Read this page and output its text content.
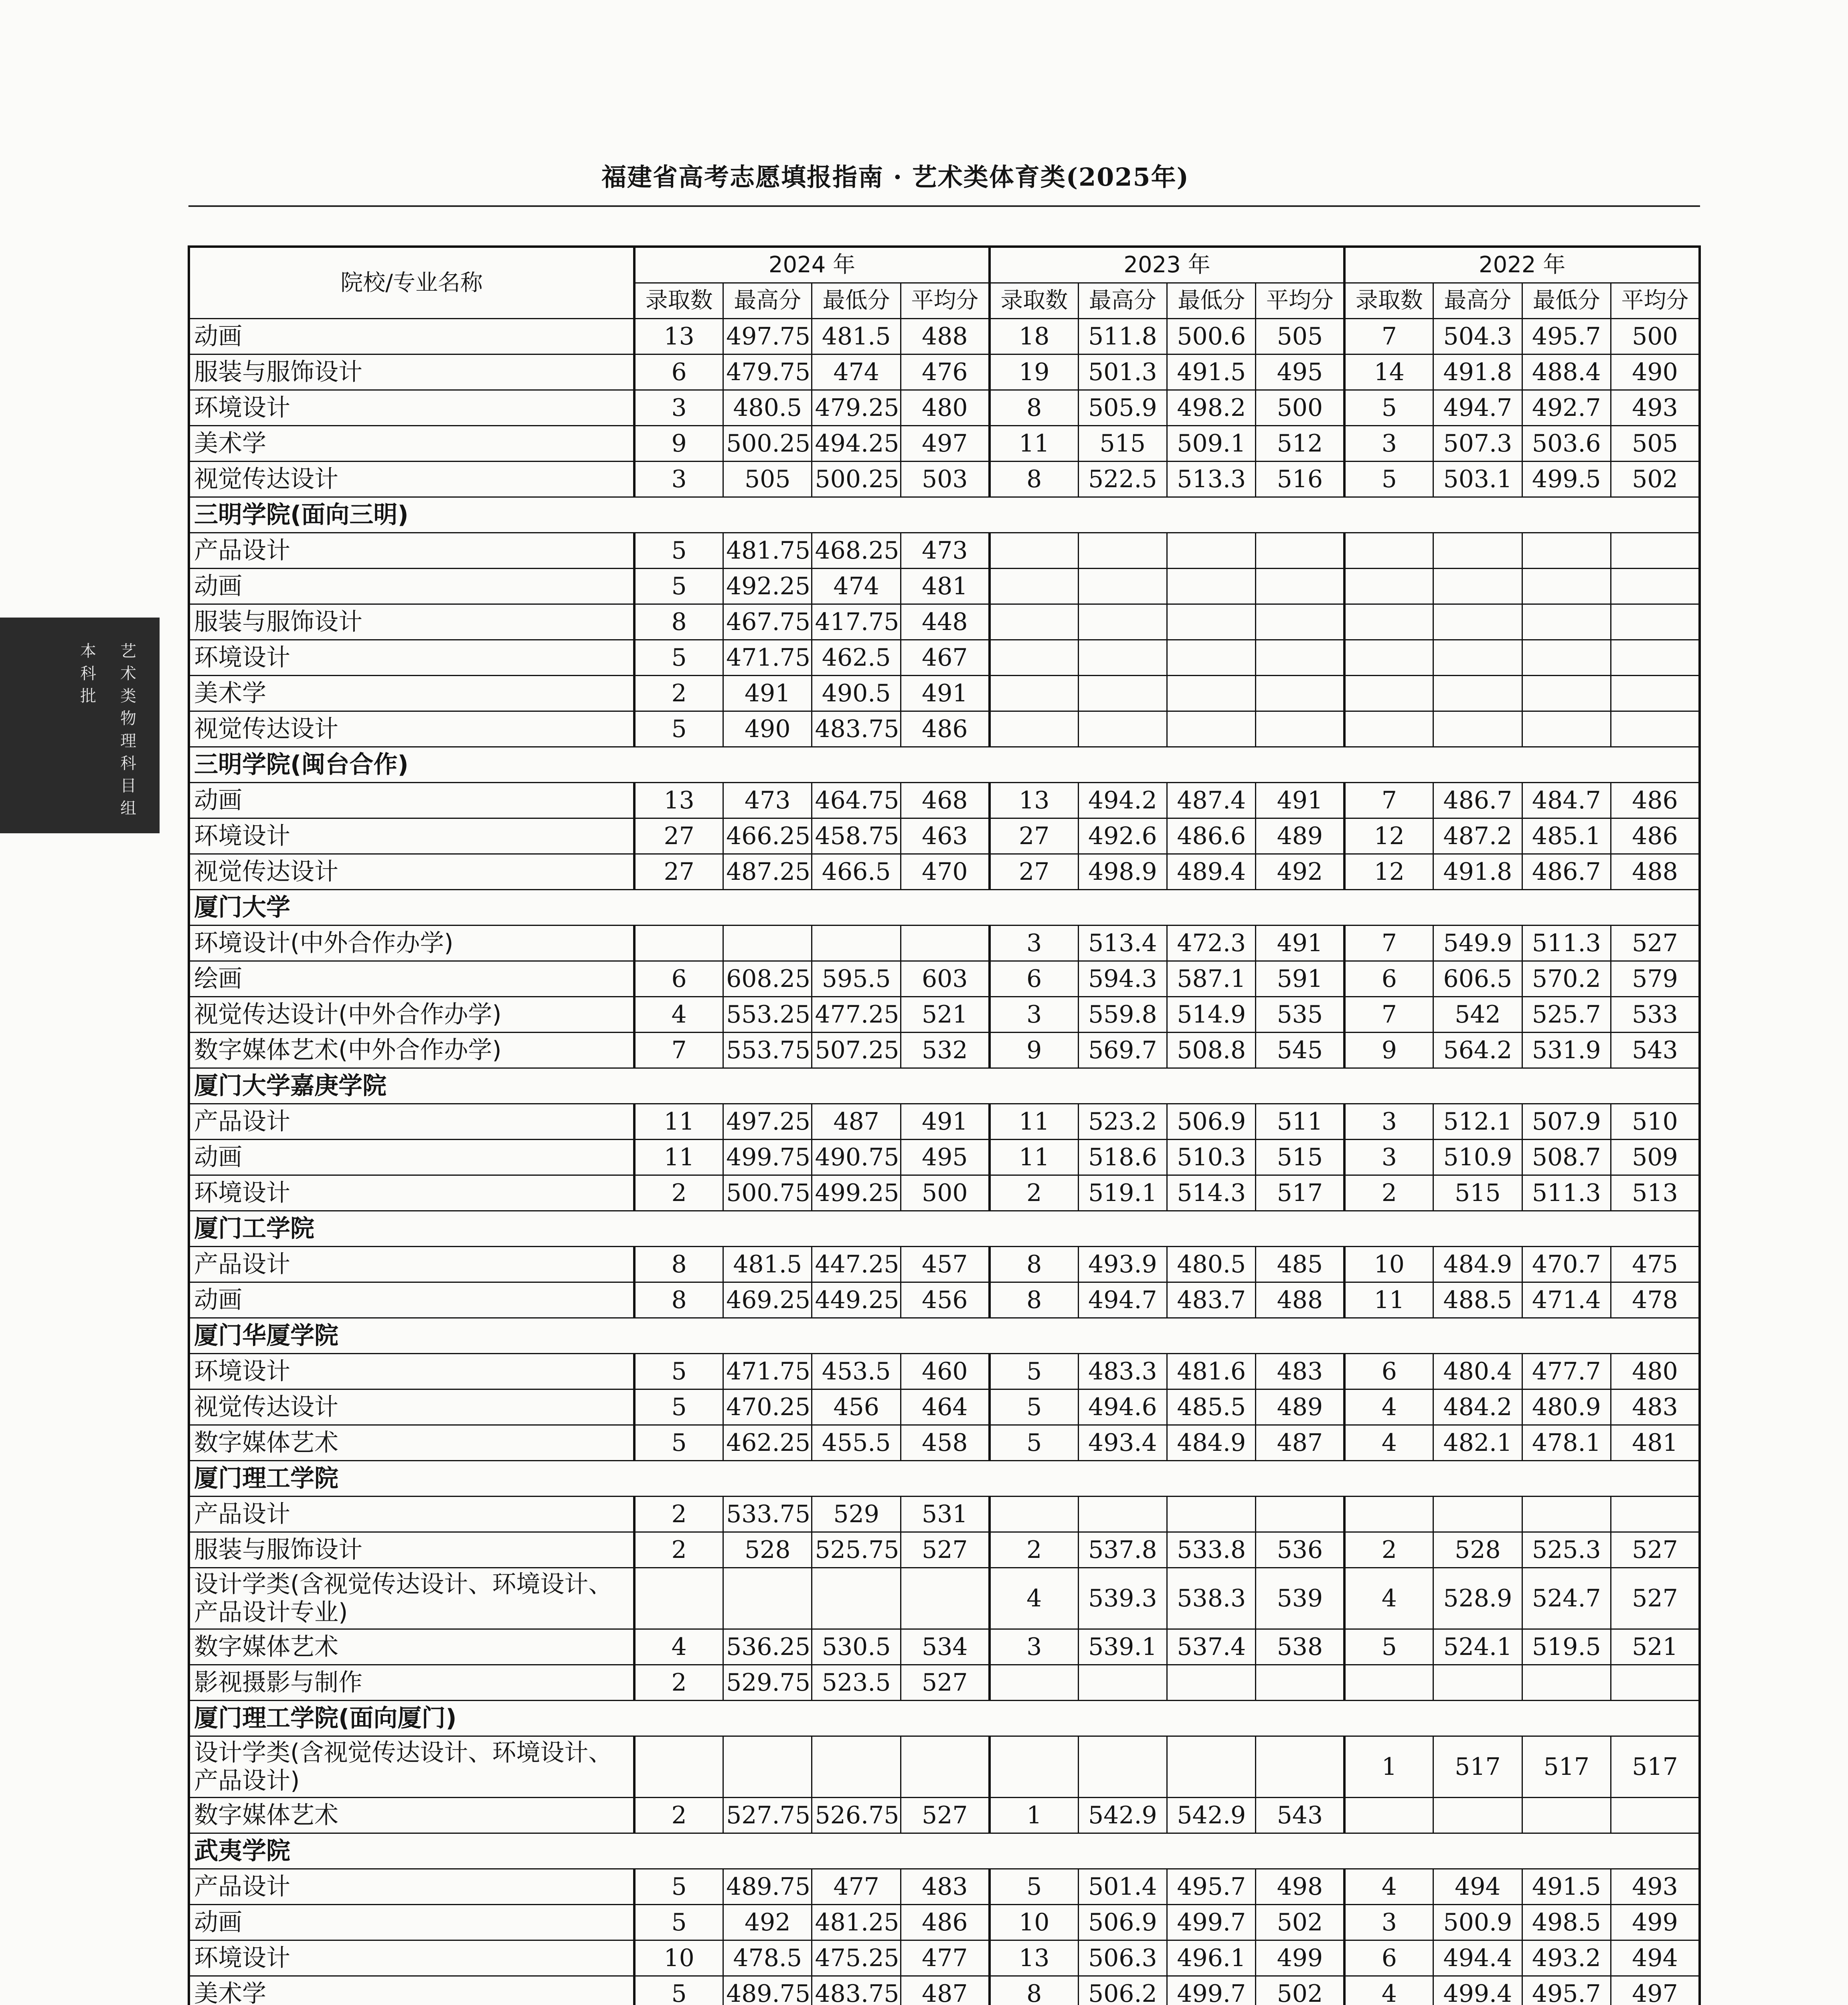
福建省高考志愿填报指南 · 艺术类体育类(2025年)
本
科
批
艺
术
类
物
理
科
目
组
院校/专业名称	2024 年				2023 年				2022 年			
	录取数	最高分	最低分	平均分	录取数	最高分	最低分	平均分	录取数	最高分	最低分	平均分
动画	13	497.75	481.5	488	18	511.8	500.6	505	7	504.3	495.7	500
服装与服饰设计	6	479.75	474	476	19	501.3	491.5	495	14	491.8	488.4	490
环境设计	3	480.5	479.25	480	8	505.9	498.2	500	5	494.7	492.7	493
美术学	9	500.25	494.25	497	11	515	509.1	512	3	507.3	503.6	505
视觉传达设计	3	505	500.25	503	8	522.5	513.3	516	5	503.1	499.5	502
三明学院(面向三明)												
产品设计	5	481.75	468.25	473								
动画	5	492.25	474	481								
服装与服饰设计	8	467.75	417.75	448								
环境设计	5	471.75	462.5	467								
美术学	2	491	490.5	491								
视觉传达设计	5	490	483.75	486								
三明学院(闽台合作)												
动画	13	473	464.75	468	13	494.2	487.4	491	7	486.7	484.7	486
环境设计	27	466.25	458.75	463	27	492.6	486.6	489	12	487.2	485.1	486
视觉传达设计	27	487.25	466.5	470	27	498.9	489.4	492	12	491.8	486.7	488
厦门大学												
环境设计(中外合作办学)					3	513.4	472.3	491	7	549.9	511.3	527
绘画	6	608.25	595.5	603	6	594.3	587.1	591	6	606.5	570.2	579
视觉传达设计(中外合作办学)	4	553.25	477.25	521	3	559.8	514.9	535	7	542	525.7	533
数字媒体艺术(中外合作办学)	7	553.75	507.25	532	9	569.7	508.8	545	9	564.2	531.9	543
厦门大学嘉庚学院												
产品设计	11	497.25	487	491	11	523.2	506.9	511	3	512.1	507.9	510
动画	11	499.75	490.75	495	11	518.6	510.3	515	3	510.9	508.7	509
环境设计	2	500.75	499.25	500	2	519.1	514.3	517	2	515	511.3	513
厦门工学院												
产品设计	8	481.5	447.25	457	8	493.9	480.5	485	10	484.9	470.7	475
动画	8	469.25	449.25	456	8	494.7	483.7	488	11	488.5	471.4	478
厦门华厦学院												
环境设计	5	471.75	453.5	460	5	483.3	481.6	483	6	480.4	477.7	480
视觉传达设计	5	470.25	456	464	5	494.6	485.5	489	4	484.2	480.9	483
数字媒体艺术	5	462.25	455.5	458	5	493.4	484.9	487	4	482.1	478.1	481
厦门理工学院												
产品设计	2	533.75	529	531								
服装与服饰设计	2	528	525.75	527	2	537.8	533.8	536	2	528	525.3	527
设计学类(含视觉传达设计、环境设计、产品设计专业)					4	539.3	538.3	539	4	528.9	524.7	527
数字媒体艺术	4	536.25	530.5	534	3	539.1	537.4	538	5	524.1	519.5	521
影视摄影与制作	2	529.75	523.5	527								
厦门理工学院(面向厦门)												
设计学类(含视觉传达设计、环境设计、产品设计)									1	517	517	517
数字媒体艺术	2	527.75	526.75	527	1	542.9	542.9	543				
武夷学院												
产品设计	5	489.75	477	483	5	501.4	495.7	498	4	494	491.5	493
动画	5	492	481.25	486	10	506.9	499.7	502	3	500.9	498.5	499
环境设计	10	478.5	475.25	477	13	506.3	496.1	499	6	494.4	493.2	494
美术学	5	489.75	483.75	487	8	506.2	499.7	502	4	499.4	495.7	497
